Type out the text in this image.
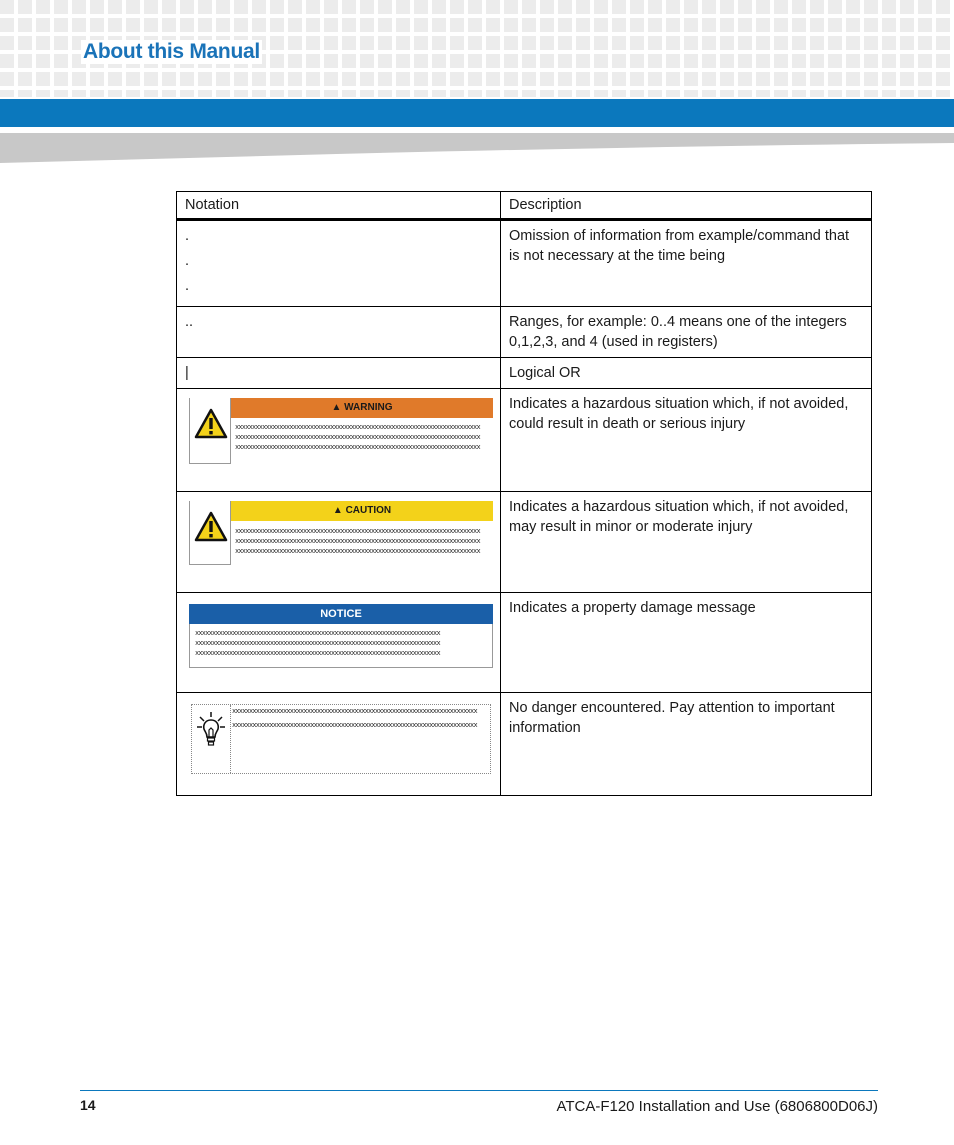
About this Manual
Notation	Description

.
.
.	Omission of information from example/command that is not necessary at the time being
..	Ranges, for example: 0..4 means one of the integers 0,1,2,3, and 4 (used in registers)
|	Logical OR

▲ WARNING
xxxxxxxxxxxxxxxxxxxxxxxxxxxxxxxxxxxxxxxxxxxxxxxxxxxxxxxxxxxxxxxxxxxxxxxx
xxxxxxxxxxxxxxxxxxxxxxxxxxxxxxxxxxxxxxxxxxxxxxxxxxxxxxxxxxxxxxxxxxxxxxxx
xxxxxxxxxxxxxxxxxxxxxxxxxxxxxxxxxxxxxxxxxxxxxxxxxxxxxxxxxxxxxxxxxxxxxxxx	Indicates a hazardous situation which, if not avoided, could result in death or serious injury

▲ CAUTION
xxxxxxxxxxxxxxxxxxxxxxxxxxxxxxxxxxxxxxxxxxxxxxxxxxxxxxxxxxxxxxxxxxxxxxxx
xxxxxxxxxxxxxxxxxxxxxxxxxxxxxxxxxxxxxxxxxxxxxxxxxxxxxxxxxxxxxxxxxxxxxxxx
xxxxxxxxxxxxxxxxxxxxxxxxxxxxxxxxxxxxxxxxxxxxxxxxxxxxxxxxxxxxxxxxxxxxxxxx	Indicates a hazardous situation which, if not avoided, may result in minor or moderate injury

NOTICE
xxxxxxxxxxxxxxxxxxxxxxxxxxxxxxxxxxxxxxxxxxxxxxxxxxxxxxxxxxxxxxxxxxxxxxxx
xxxxxxxxxxxxxxxxxxxxxxxxxxxxxxxxxxxxxxxxxxxxxxxxxxxxxxxxxxxxxxxxxxxxxxxx
xxxxxxxxxxxxxxxxxxxxxxxxxxxxxxxxxxxxxxxxxxxxxxxxxxxxxxxxxxxxxxxxxxxxxxxx	Indicates a property damage message

xxxxxxxxxxxxxxxxxxxxxxxxxxxxxxxxxxxxxxxxxxxxxxxxxxxxxxxxxxxxxxxxxxxxxxxx
xxxxxxxxxxxxxxxxxxxxxxxxxxxxxxxxxxxxxxxxxxxxxxxxxxxxxxxxxxxxxxxxxxxxxxxx	No danger encountered. Pay attention to important information
14	ATCA-F120 Installation and Use (6806800D06J)
